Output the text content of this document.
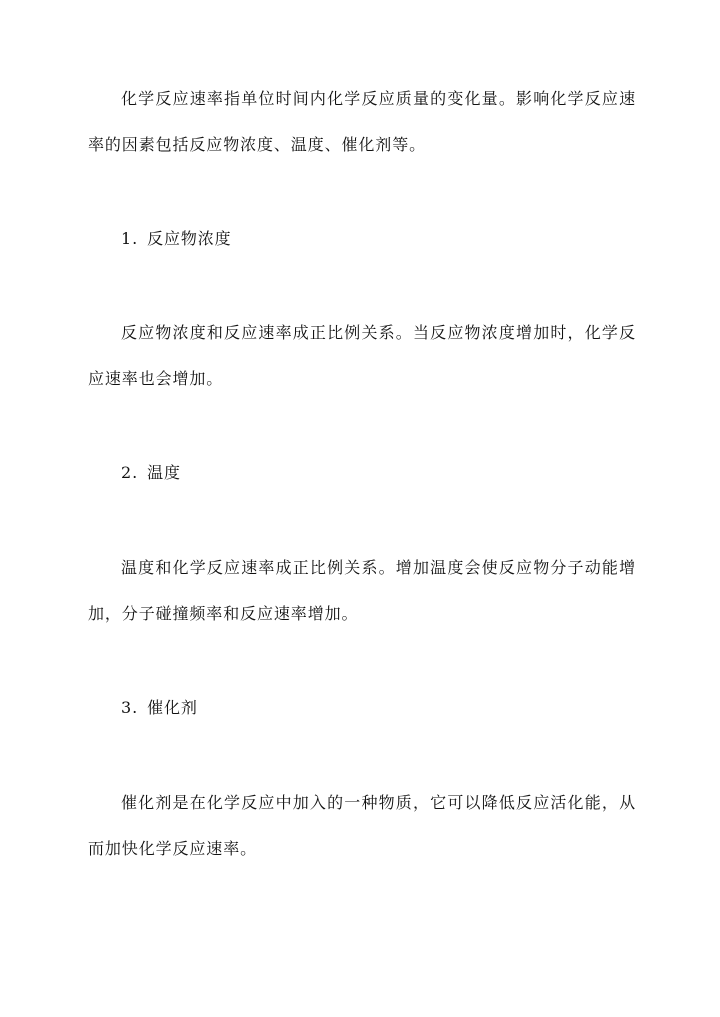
化学反应速率指单位时间内化学反应质量的变化量。影响化学反应速率的因素包括反应物浓度、温度、催化剂等。

1. 反应物浓度

反应物浓度和反应速率成正比例关系。当反应物浓度增加时，化学反应速率也会增加。

2. 温度

温度和化学反应速率成正比例关系。增加温度会使反应物分子动能增加，分子碰撞频率和反应速率增加。

3. 催化剂

催化剂是在化学反应中加入的一种物质，它可以降低反应活化能，从而加快化学反应速率。
